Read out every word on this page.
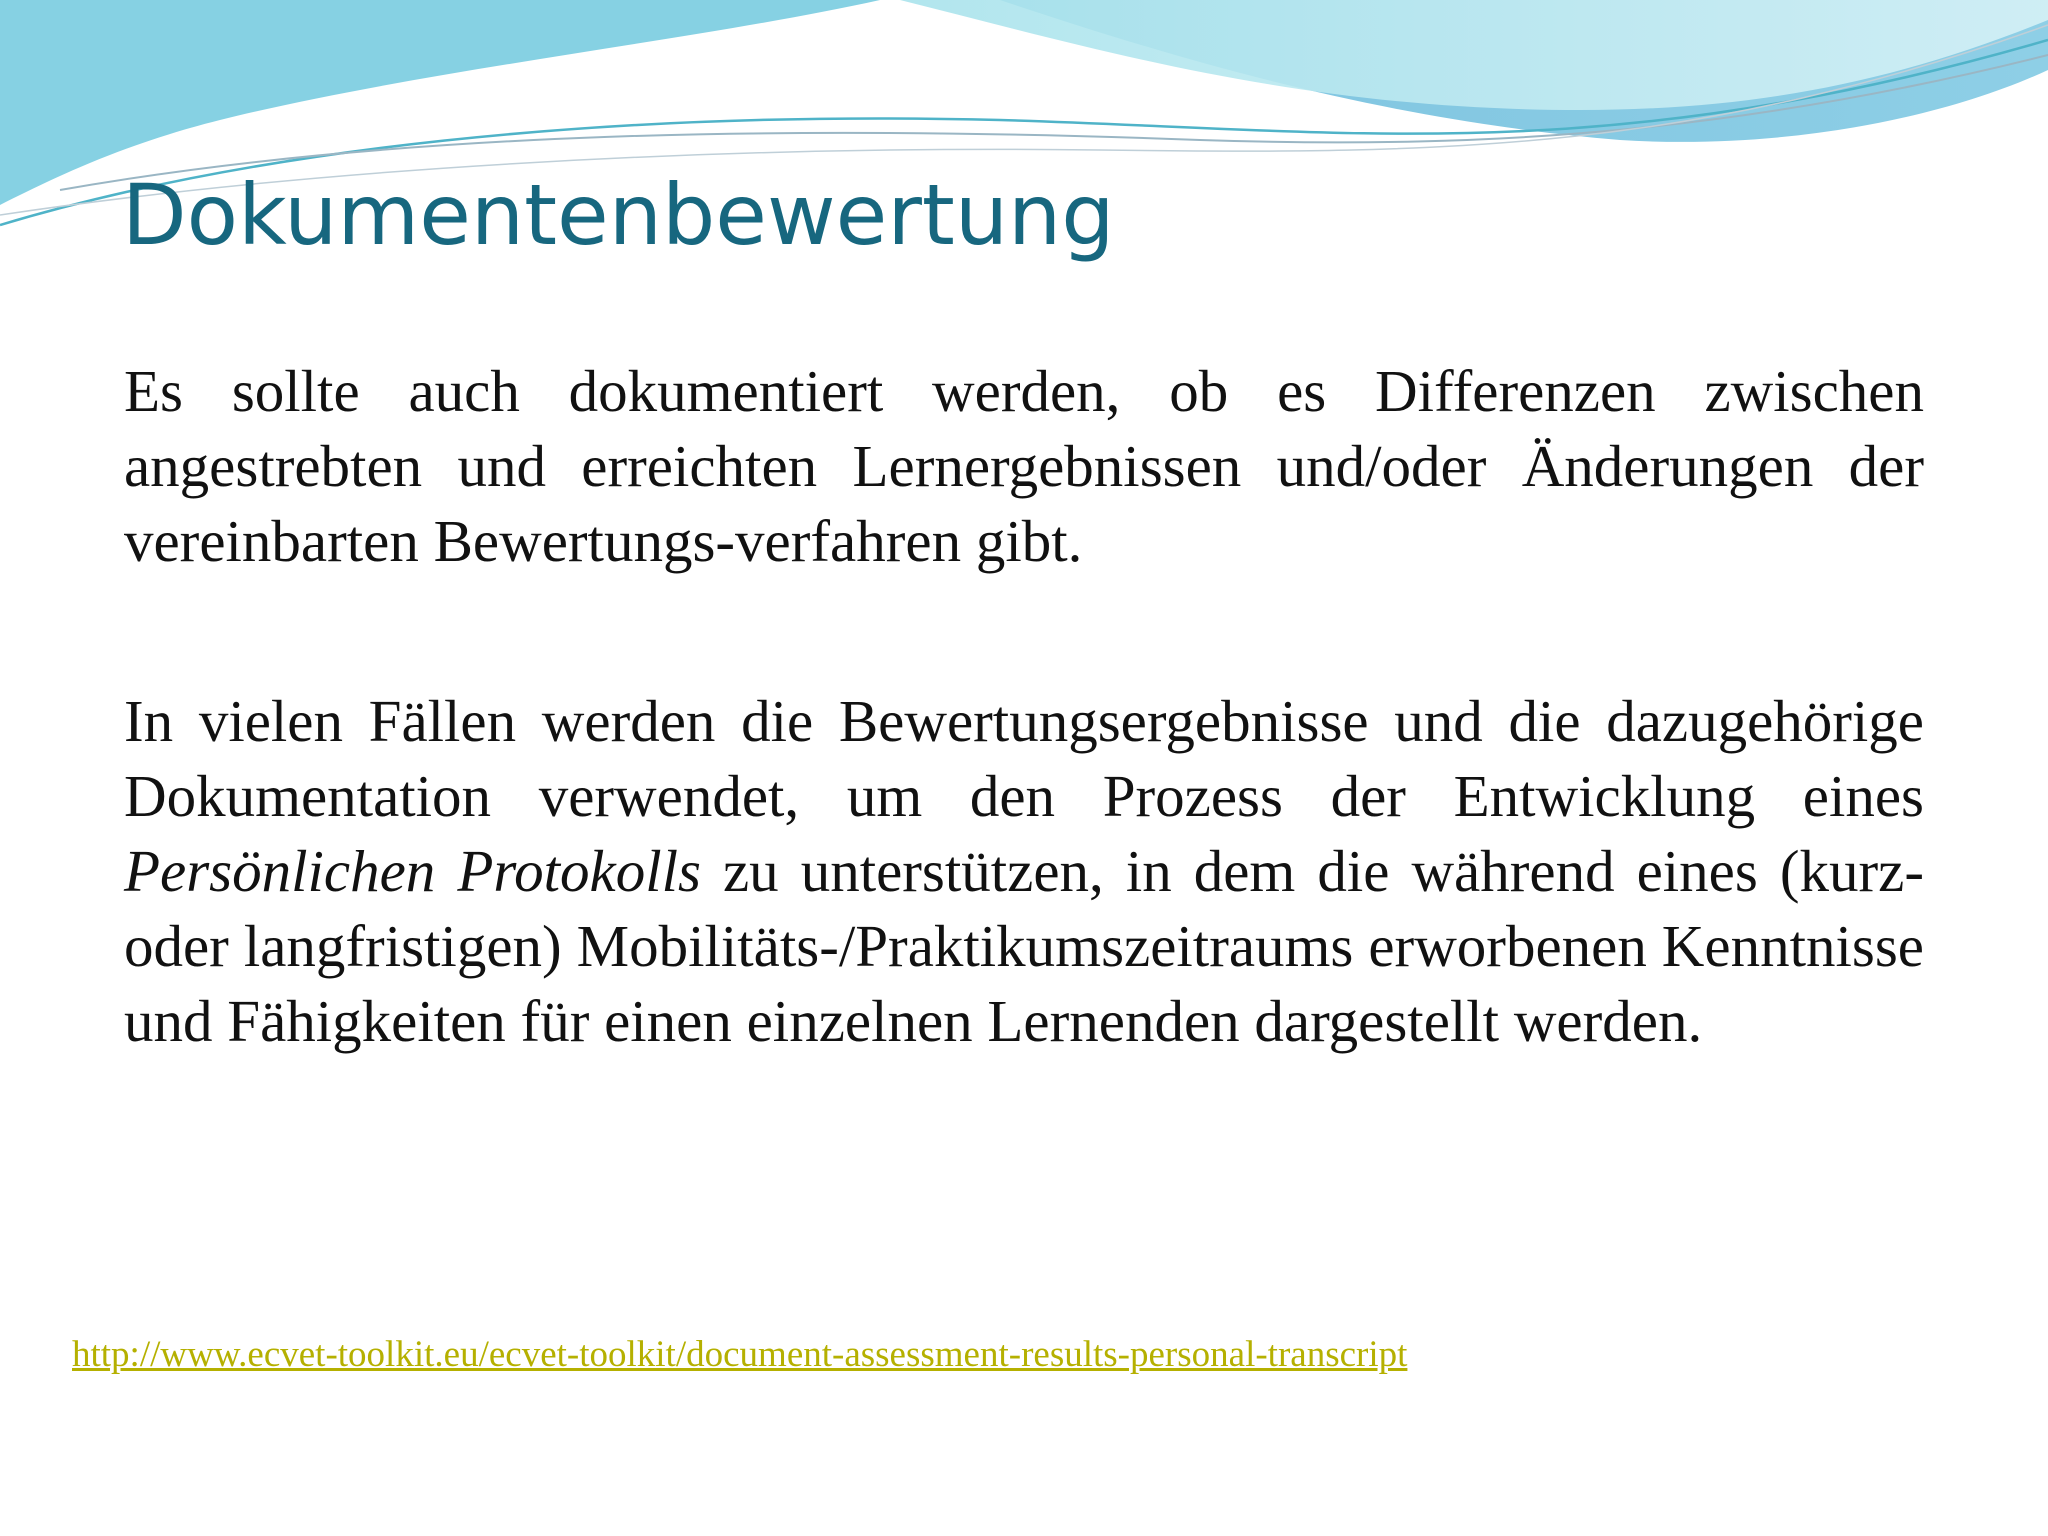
Dokumentenbewertung

Es sollte auch dokumentiert werden, ob es Differenzen zwischen angestrebten und erreichten Lernergebnissen und/oder Änderungen der vereinbarten Bewertungs-verfahren gibt.

In vielen Fällen werden die Bewertungsergebnisse und die dazugehörige Dokumentation verwendet, um den Prozess der Entwicklung eines Persönlichen Protokolls zu unterstützen, in dem die während eines (kurz- oder langfristigen) Mobilitäts-/Praktikumszeitraums erworbenen Kenntnisse und Fähigkeiten für einen einzelnen Lernenden dargestellt werden.

http://www.ecvet-toolkit.eu/ecvet-toolkit/document-assessment-results-personal-transcript
